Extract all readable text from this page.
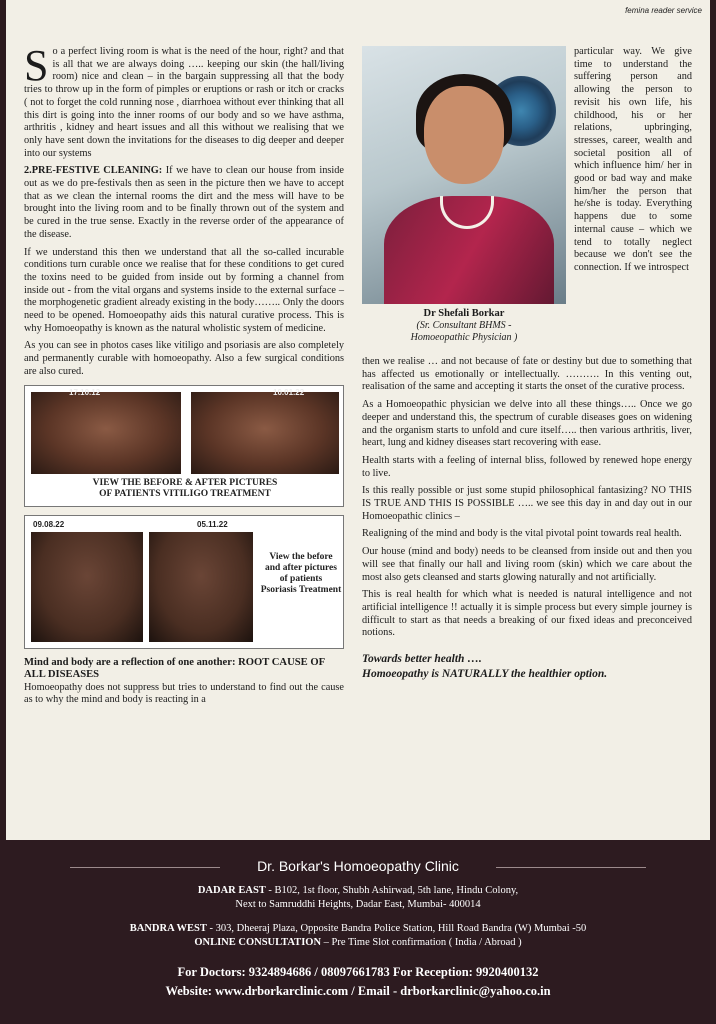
femina reader service

So a perfect living room is what is the need of the hour, right? and that is all that we are always doing ….. keeping our skin (the hall/living room) nice and clean – in the bargain suppressing all that the body tries to throw up in the form of pimples or eruptions or rash or itch or cracks ( not to forget the cold running nose , diarrhoea without ever thinking that all this dirt is going into the inner rooms of our body and so we have asthma, arthritis , kidney and heart issues and all this without we realising that we only have sent down the invitations for the diseases to dig deeper and deeper into our systems

2.PRE-FESTIVE CLEANING: If we have to clean our house from inside out as we do pre-festivals then as seen in the picture then we have to accept that as we clean the internal rooms the dirt and the mess will have to be brought into the living room and to be finally thrown out of the system and be cured in the true sense. Exactly in the reverse order of the appearance of the disease.

If we understand this then we understand that all the so-called incurable conditions turn curable once we realise that for these conditions to get cured the toxins need to be guided from inside out by forming a channel from inside out - from the vital organs and systems inside to the external surface – the morphogenetic gradient already existing in the body…….. Only the doors need to be opened. Homoeopathy aids this natural curative process. This is why Homoeopathy is known as the natural wholistic system of medicine.

As you can see in photos cases like vitiligo and psoriasis are also completely and permanently curable with homoeopathy. Also a few surgical conditions are also cured.

17.10.12	10.01.22
VIEW THE BEFORE & AFTER PICTURES
OF PATIENTS VITILIGO TREATMENT
09.08.22	05.11.22
View the before
and after pictures
of patients
Psoriasis Treatment
Mind and body are a reflection of one another: ROOT CAUSE OF ALL DISEASES

Homoeopathy does not suppress but tries to understand to find out the cause as to why the mind and body is reacting in a

Dr Shefali Borkar
(Sr. Consultant BHMS -
Homoeopathic Physician )

particular way. We give time to understand the suffering person and allowing the person to revisit his own life, his childhood, his or her relations, upbringing, stresses, career, wealth and societal position all of which influence him/ her in good or bad way and make him/her the person that he/she is today. Everything happens due to some internal cause – which we tend to totally neglect because we don't see the connection. If we introspect

then we realise … and not because of fate or destiny but due to something that has affected us emotionally or intellectually. ………. In this venting out, realisation of the same and accepting it starts the onset of the curative process.

As a Homoeopathic physician we delve into all these things….. Once we go deeper and understand this, the spectrum of curable diseases goes on widening and the organism starts to unfold and cure itself….. then various arthritis, liver, heart, lung and kidney diseases start recovering with ease.

Health starts with a feeling of internal bliss, followed by renewed hope energy to live.

Is this really possible or just some stupid philosophical fantasizing? NO THIS IS TRUE AND THIS IS POSSIBLE ….. we see this day in and day out in our Homoeopathic clinics –

Realigning of the mind and body is the vital pivotal point towards real health.

Our house (mind and body) needs to be cleansed from inside out and then you will see that finally our hall and living room (skin) which we care about the most also gets cleansed and starts glowing naturally and not artificially.

This is real health for which what is needed is natural intelligence and not artificial intelligence !! actually it is simple process but every simple journey is difficult to start as that needs a breaking of our fixed ideas and preconceived notions.

Towards better health ….
Homoeopathy is NATURALLY the healthier option.
Dr. Borkar's Homoeopathy Clinic
DADAR EAST - B102, 1st floor, Shubh Ashirwad, 5th lane, Hindu Colony,
Next to Samruddhi Heights, Dadar East, Mumbai- 400014
BANDRA WEST - 303, Dheeraj Plaza, Opposite Bandra Police Station, Hill Road Bandra (W) Mumbai -50
ONLINE CONSULTATION – Pre Time Slot confirmation ( India / Abroad )
For Doctors: 9324894686 / 08097661783 For Reception: 9920400132
Website: www.drborkarclinic.com / Email - drborkarclinic@yahoo.co.in
